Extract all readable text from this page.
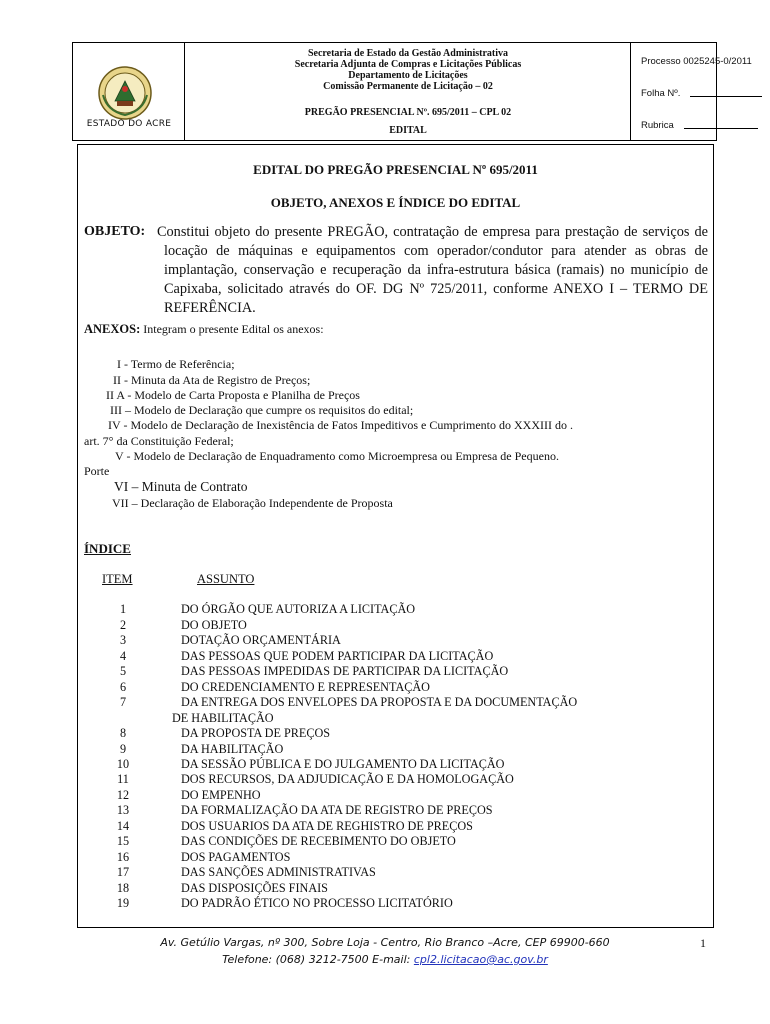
ESTADO DO ACRE
Secretaria de Estado da Gestão Administrativa
Secretaria Adjunta de Compras e Licitações Públicas
Departamento de Licitações
Comissão Permanente de Licitação – 02
PREGÃO PRESENCIAL Nº. 695/2011 – CPL 02
EDITAL
Processo 0025245-0/2011
Folha Nº.
Rubrica
EDITAL DO PREGÃO PRESENCIAL Nº 695/2011
OBJETO, ANEXOS E ÍNDICE DO EDITAL
OBJETO: Constitui objeto do presente PREGÃO, contratação de empresa para prestação de serviços de locação de máquinas e equipamentos com operador/condutor para atender as obras de implantação, conservação e recuperação da infra-estrutura básica (ramais) no município de Capixaba, solicitado através do OF. DG Nº 725/2011, conforme ANEXO I – TERMO DE REFERÊNCIA.
ANEXOS: Integram o presente Edital os anexos:
I - Termo de Referência;
II - Minuta da Ata de Registro de Preços;
II A - Modelo de Carta Proposta e Planilha de Preços
III – Modelo de Declaração que cumpre os requisitos do edital;
IV - Modelo de Declaração de Inexistência de Fatos Impeditivos e Cumprimento do XXXIII do .
art. 7° da Constituição Federal;
V - Modelo de Declaração de Enquadramento como Microempresa ou Empresa de Pequeno.
Porte
VI – Minuta de Contrato
VII – Declaração de Elaboração Independente de Proposta
ÍNDICE
ITEM	ASSUNTO
1	DO ÓRGÃO QUE AUTORIZA A LICITAÇÃO
2	DO OBJETO
3	DOTAÇÃO ORÇAMENTÁRIA
4	DAS PESSOAS QUE PODEM PARTICIPAR DA LICITAÇÃO
5	DAS PESSOAS IMPEDIDAS DE PARTICIPAR DA LICITAÇÃO
6	DO CREDENCIAMENTO E REPRESENTAÇÃO
7	DA ENTREGA DOS ENVELOPES DA PROPOSTA E DA DOCUMENTAÇÃO
DE HABILITAÇÃO
8	DA PROPOSTA DE PREÇOS
9	DA HABILITAÇÃO
10	DA SESSÃO PÚBLICA E DO JULGAMENTO DA LICITAÇÃO
11	DOS RECURSOS, DA ADJUDICAÇÃO E DA HOMOLOGAÇÃO
12	DO EMPENHO
13	DA FORMALIZAÇÃO DA ATA DE REGISTRO DE PREÇOS
14	DOS USUARIOS DA ATA DE REGHISTRO DE PREÇOS
15	DAS CONDIÇÕES DE RECEBIMENTO DO OBJETO
16	DOS PAGAMENTOS
17	DAS SANÇÕES ADMINISTRATIVAS
18	DAS DISPOSIÇÕES FINAIS
19	DO PADRÃO ÉTICO NO PROCESSO LICITATÓRIO
Av. Getúlio Vargas, nº 300, Sobre Loja - Centro, Rio Branco –Acre, CEP 69900-660
Telefone: (068) 3212-7500 E-mail: cpl2.licitacao@ac.gov.br
1
